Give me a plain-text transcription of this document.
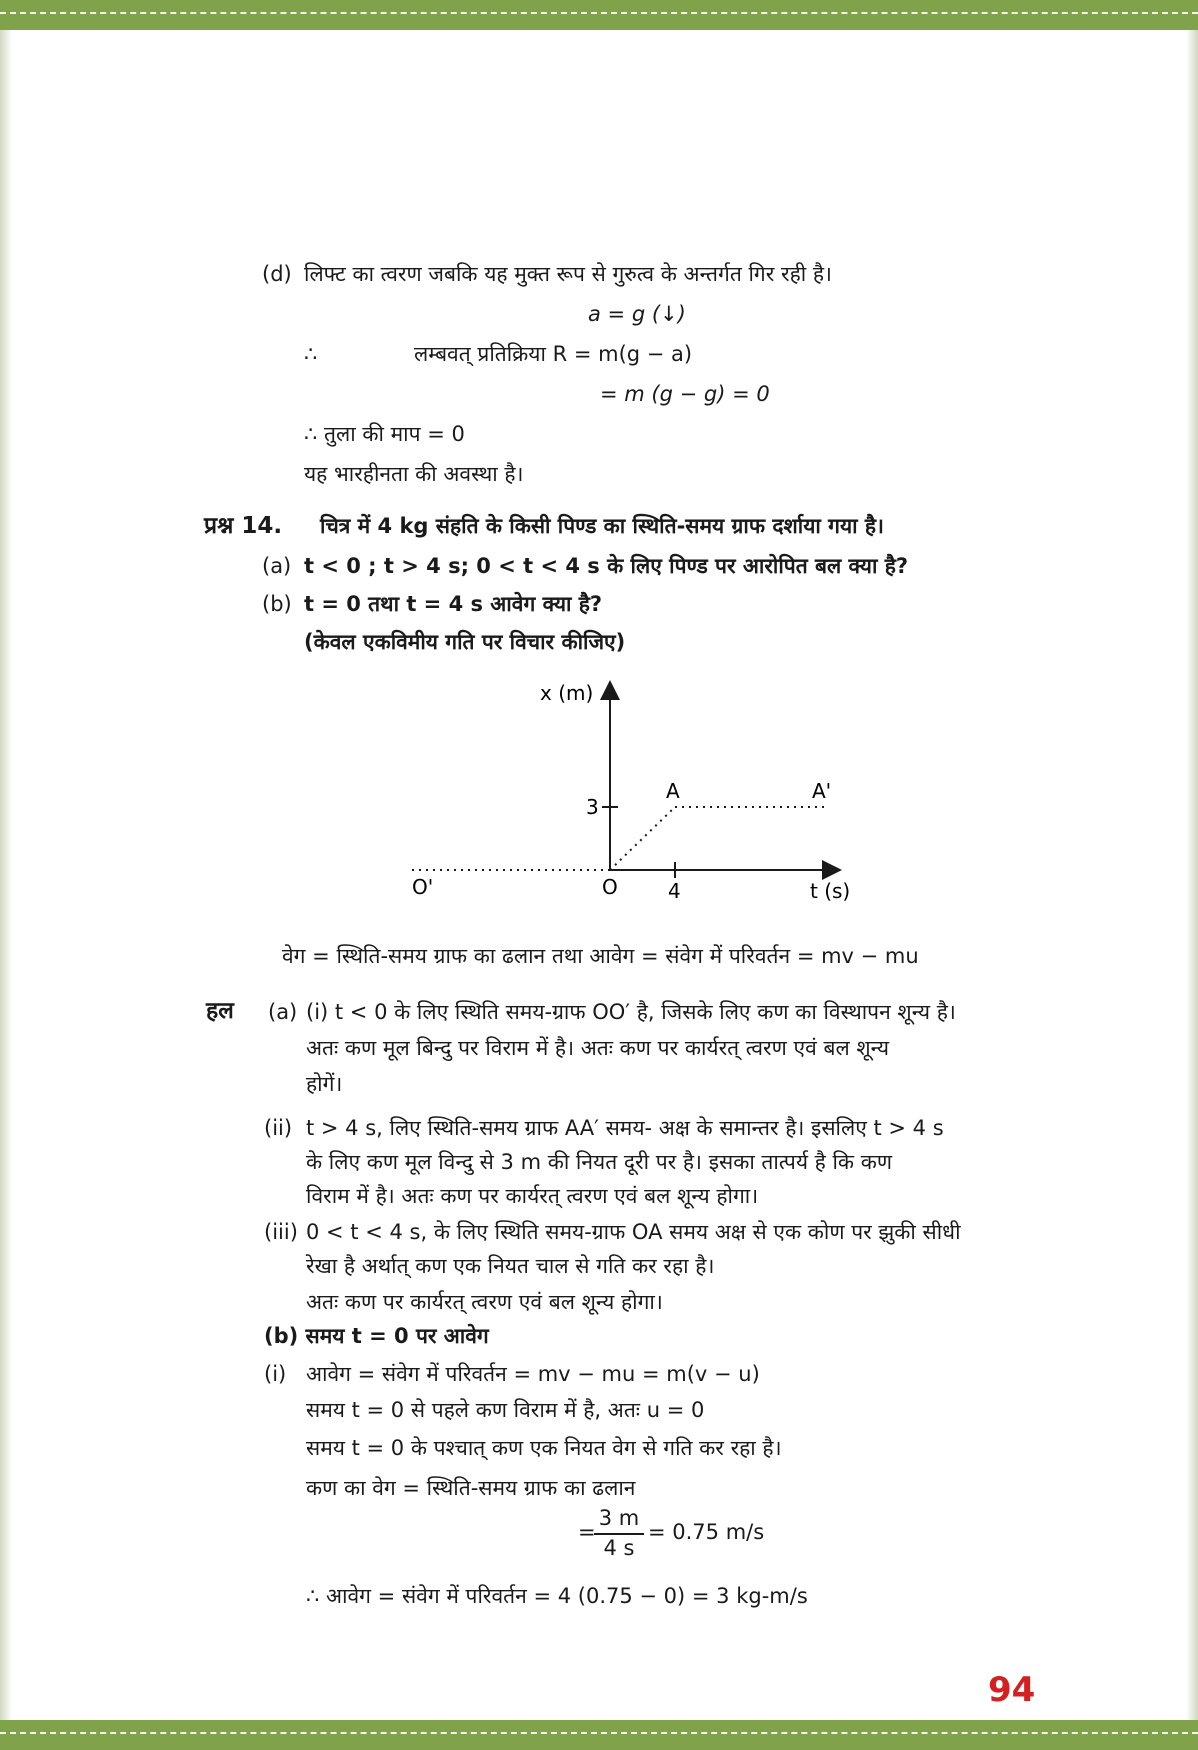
(d) लिफ्ट का त्वरण जबकि यह मुक्त रूप से गुरुत्व के अन्तर्गत गिर रही है।
a = g (↓)
∴	लम्बवत् प्रतिक्रिया R = m(g − a)
= m (g − g) = 0
∴ तुला की माप = 0
यह भारहीनता की अवस्था है।
प्रश्न 14. चित्र में 4 kg संहति के किसी पिण्ड का स्थिति-समय ग्राफ दर्शाया गया है।
(a) t < 0 ; t > 4 s; 0 < t < 4 s के लिए पिण्ड पर आरोपित बल क्या है?
(b) t = 0 तथा t = 4 s आवेग क्या है?
(केवल एकविमीय गति पर विचार कीजिए)
x (m)
t (s)
3
4
O
O'
A	A'
वेग = स्थिति-समय ग्राफ का ढलान तथा आवेग = संवेग में परिवर्तन = mv − mu
हल (a) (i) t < 0 के लिए स्थिति समय-ग्राफ OO′ है, जिसके लिए कण का विस्थापन शून्य है।
अतः कण मूल बिन्दु पर विराम में है। अतः कण पर कार्यरत् त्वरण एवं बल शून्य
होगें।
(ii) t > 4 s, लिए स्थिति-समय ग्राफ AA′ समय- अक्ष के समान्तर है। इसलिए t > 4 s
के लिए कण मूल विन्दु से 3 m की नियत दूरी पर है। इसका तात्पर्य है कि कण
विराम में है। अतः कण पर कार्यरत् त्वरण एवं बल शून्य होगा।
(iii) 0 < t < 4 s, के लिए स्थिति समय-ग्राफ OA समय अक्ष से एक कोण पर झुकी सीधी
रेखा है अर्थात् कण एक नियत चाल से गति कर रहा है।
अतः कण पर कार्यरत् त्वरण एवं बल शून्य होगा।
(b) समय t = 0 पर आवेग
(i) आवेग = संवेग में परिवर्तन = mv − mu = m(v − u)
समय t = 0 से पहले कण विराम में है, अतः u = 0
समय t = 0 के पश्चात् कण एक नियत वेग से गति कर रहा है।
कण का वेग = स्थिति-समय ग्राफ का ढलान
=
3 m
4 s
= 0.75 m/s
∴ आवेग = संवेग में परिवर्तन = 4 (0.75 − 0) = 3 kg-m/s
94
